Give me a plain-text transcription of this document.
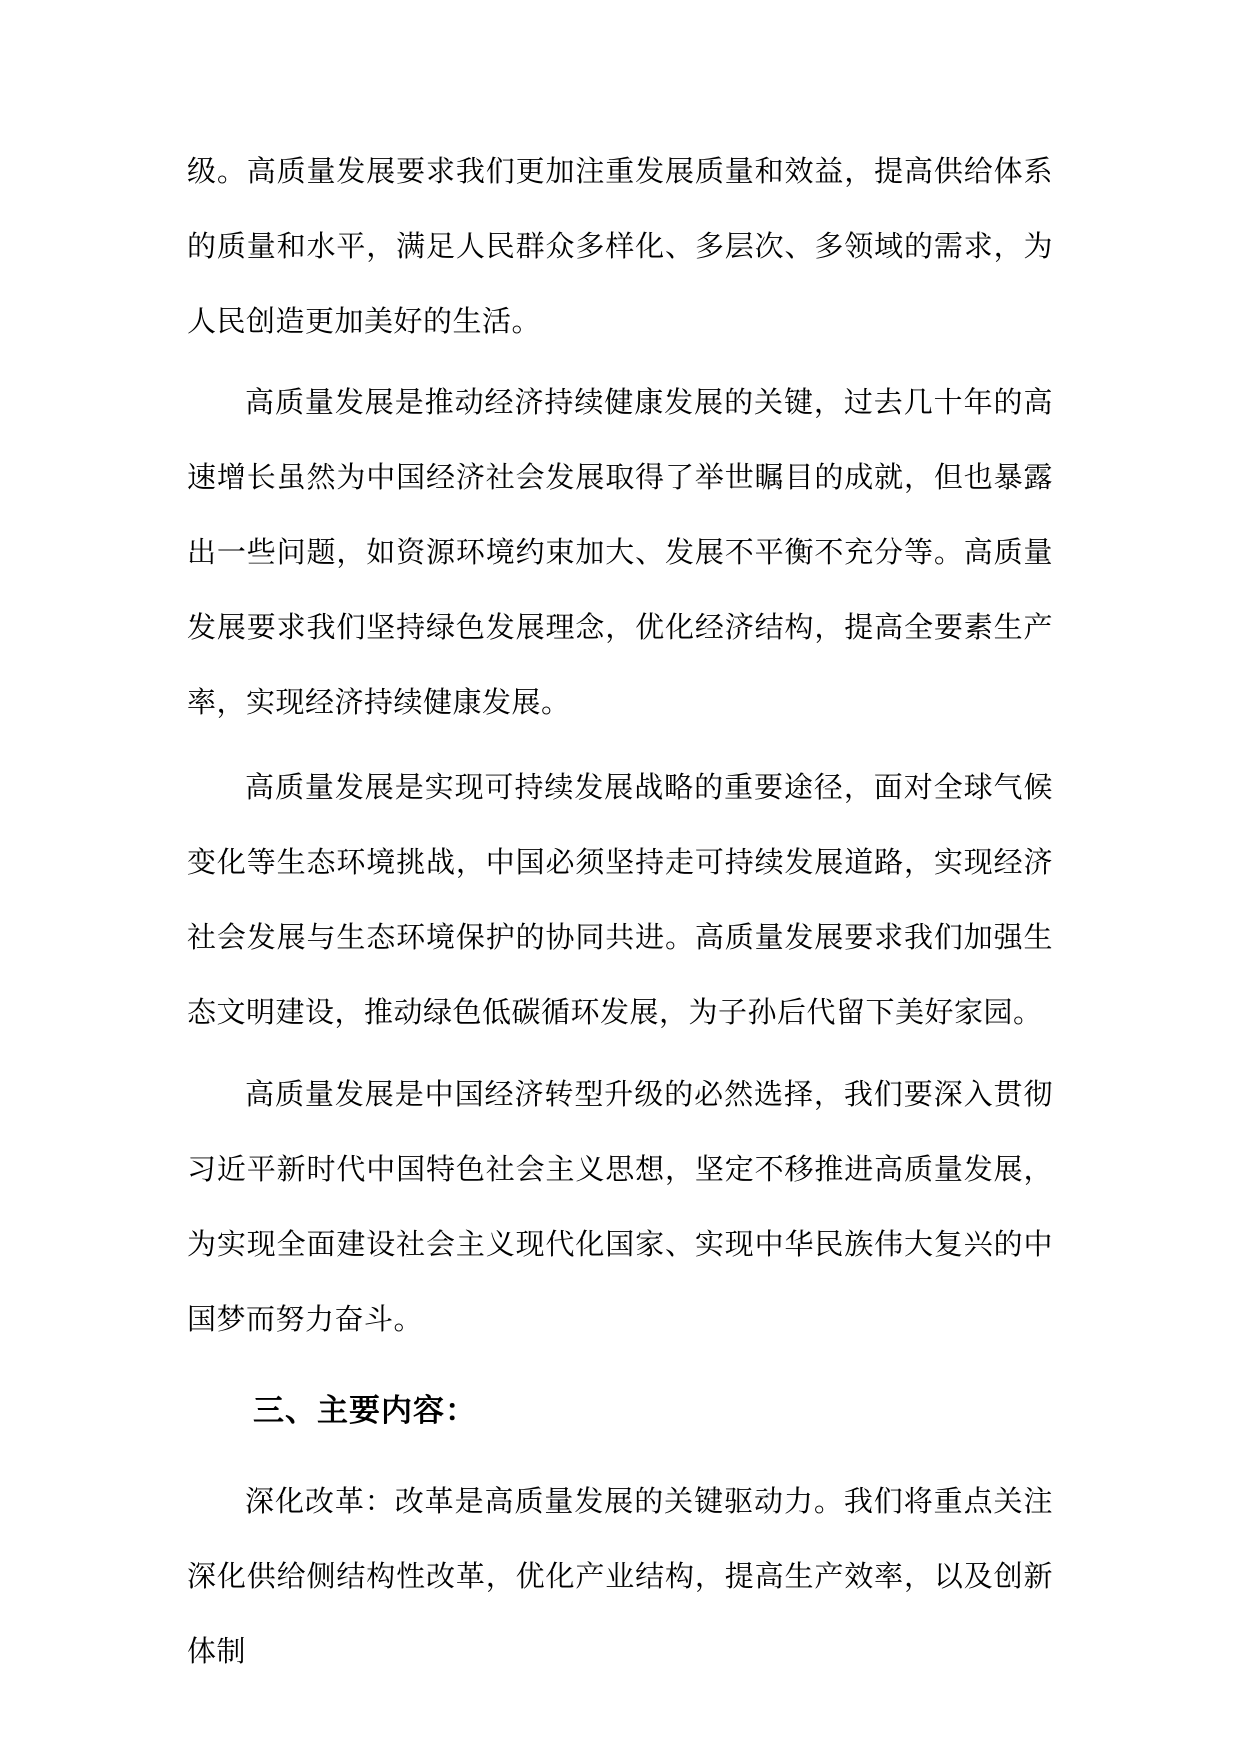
级。高质量发展要求我们更加注重发展质量和效益，提高供给体系的质量和水平，满足人民群众多样化、多层次、多领域的需求，为人民创造更加美好的生活。

高质量发展是推动经济持续健康发展的关键，过去几十年的高速增长虽然为中国经济社会发展取得了举世瞩目的成就，但也暴露出一些问题，如资源环境约束加大、发展不平衡不充分等。高质量发展要求我们坚持绿色发展理念，优化经济结构，提高全要素生产率，实现经济持续健康发展。

高质量发展是实现可持续发展战略的重要途径，面对全球气候变化等生态环境挑战，中国必须坚持走可持续发展道路，实现经济社会发展与生态环境保护的协同共进。高质量发展要求我们加强生态文明建设，推动绿色低碳循环发展，为子孙后代留下美好家园。

高质量发展是中国经济转型升级的必然选择，我们要深入贯彻习近平新时代中国特色社会主义思想，坚定不移推进高质量发展，为实现全面建设社会主义现代化国家、实现中华民族伟大复兴的中国梦而努力奋斗。

三、主要内容：

深化改革：改革是高质量发展的关键驱动力。我们将重点关注深化供给侧结构性改革，优化产业结构，提高生产效率，以及创新体制
